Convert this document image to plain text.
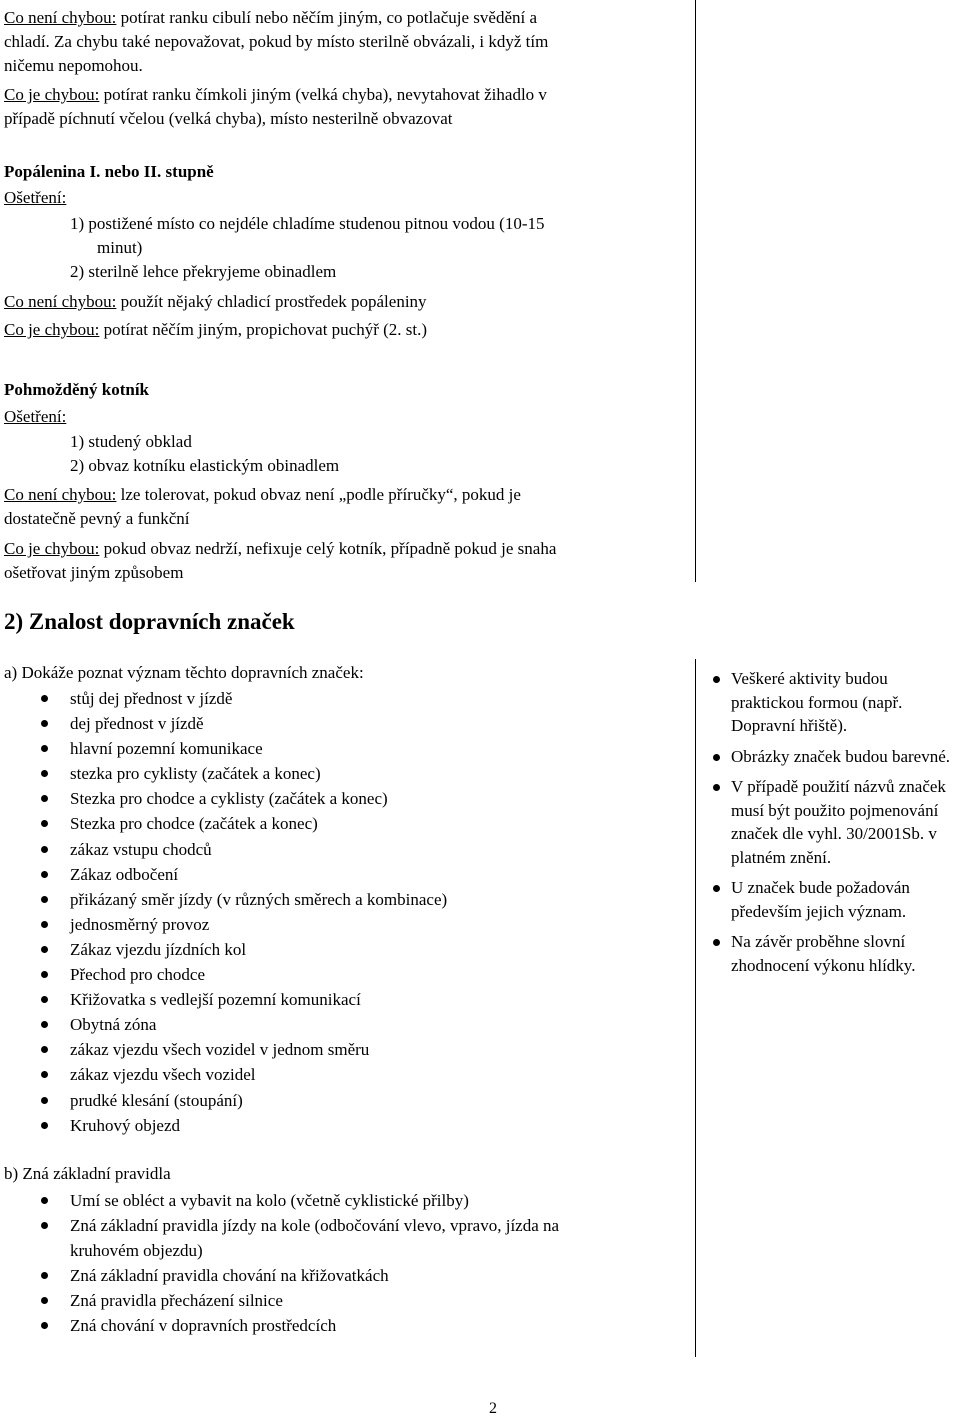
Co není chybou: potírat ranku cibulí nebo něčím jiným, co potlačuje svědění a
chladí. Za chybu také nepovažovat, pokud by místo sterilně obvázali, i když tím
ničemu nepomohou.
Co je chybou: potírat ranku čímkoli jiným (velká chyba), nevytahovat žihadlo v
případě píchnutí včelou (velká chyba), místo nesterilně obvazovat
Popálenina I. nebo II. stupně
Ošetření:
1) postižené místo co nejdéle chladíme studenou pitnou vodou (10-15
minut)
2) sterilně lehce překryjeme obinadlem
Co není chybou: použít nějaký chladicí prostředek popáleniny
Co je chybou: potírat něčím jiným, propichovat puchýř (2. st.)
Pohmožděný kotník
Ošetření:
1) studený obklad
2) obvaz kotníku elastickým obinadlem
Co není chybou: lze tolerovat, pokud obvaz není „podle příručky“, pokud je
dostatečně pevný a funkční
Co je chybou: pokud obvaz nedrží, nefixuje celý kotník, případně pokud je snaha
ošetřovat jiným způsobem
2) Znalost dopravních značek
a) Dokáže poznat význam těchto dopravních značek:
stůj dej přednost v jízdě
dej přednost v jízdě
hlavní pozemní komunikace
stezka pro cyklisty (začátek a konec)
Stezka pro chodce a cyklisty (začátek a konec)
Stezka pro chodce (začátek a konec)
zákaz vstupu chodců
Zákaz odbočení
přikázaný směr jízdy (v různých směrech a kombinace)
jednosměrný provoz
Zákaz vjezdu jízdních kol
Přechod pro chodce
Křižovatka s vedlejší pozemní komunikací
Obytná zóna
zákaz vjezdu všech vozidel v jednom směru
zákaz vjezdu všech vozidel
prudké klesání (stoupání)
Kruhový objezd
b) Zná základní pravidla
Umí se obléct a vybavit na kolo (včetně cyklistické přilby)
Zná základní pravidla jízdy na kole (odbočování vlevo, vpravo, jízda na
kruhovém objezdu)
Zná základní pravidla chování na křižovatkách
Zná pravidla přecházení silnice
Zná chování v dopravních prostředcích
Veškeré aktivity budou praktickou formou (např. Dopravní hřiště).
Obrázky značek budou barevné.
V případě použití názvů značek musí být použito pojmenování značek dle vyhl. 30/2001Sb. v platném znění.
U značek bude požadován především jejich význam.
Na závěr proběhne slovní zhodnocení výkonu hlídky.
2
